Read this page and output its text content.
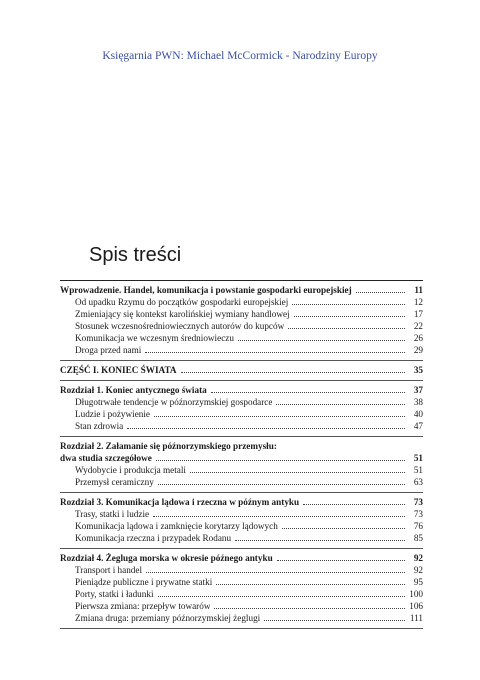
Księgarnia PWN: Michael McCormick - Narodziny Europy
Spis treści
Wprowadzenie. Handel, komunikacja i powstanie gospodarki europejskiej	11
Od upadku Rzymu do początków gospodarki europejskiej	12
Zmieniający się kontekst karolińskiej wymiany handlowej	17
Stosunek wczesnośredniowiecznych autorów do kupców	22
Komunikacja we wczesnym średniowieczu	26
Droga przed nami	29
CZĘŚĆ I. KONIEC ŚWIATA	35
Rozdział 1. Koniec antycznego świata	37
Długotrwałe tendencje w późnorzymskiej gospodarce	38
Ludzie i pożywienie	40
Stan zdrowia	47
Rozdział 2. Załamanie się późnorzymskiego przemysłu:
dwa studia szczegółowe	51
Wydobycie i produkcja metali	51
Przemysł ceramiczny	63
Rozdział 3. Komunikacja lądowa i rzeczna w późnym antyku	73
Trasy, statki i ludzie	73
Komunikacja lądowa i zamknięcie korytarzy lądowych	76
Komunikacja rzeczna i przypadek Rodanu	85
Rozdział 4. Żegluga morska w okresie późnego antyku	92
Transport i handel	92
Pieniądze publiczne i prywatne statki	95
Porty, statki i ładunki	100
Pierwsza zmiana: przepływ towarów	106
Zmiana druga: przemiany późnorzymskiej żeglugi	111
